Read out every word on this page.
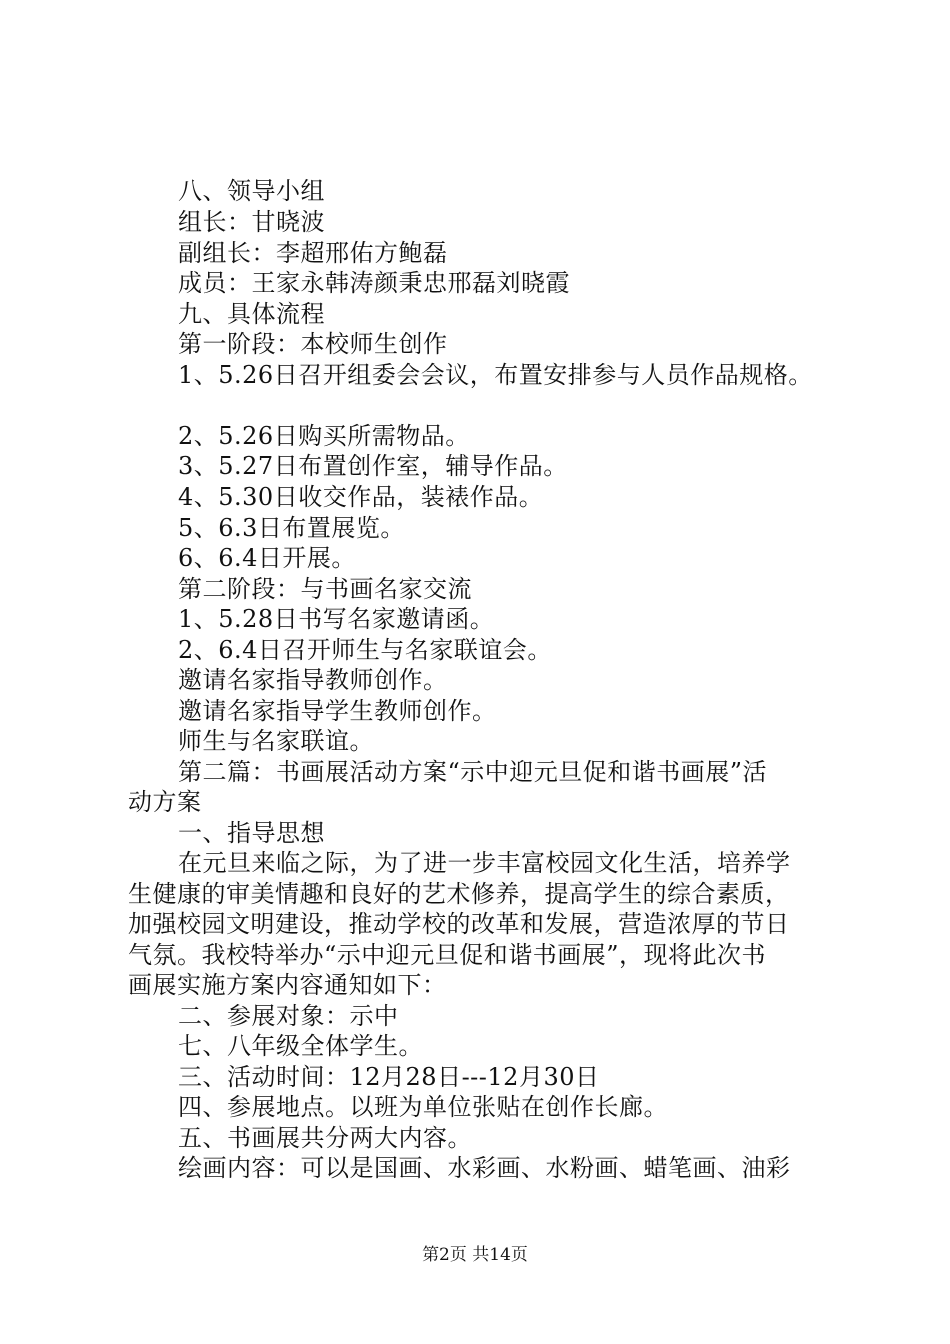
八、领导小组
组长：甘晓波
副组长：李超邢佑方鲍磊
成员：王家永韩涛颜秉忠邢磊刘晓霞
九、具体流程
第一阶段：本校师生创作
1、5.26日召开组委会会议，布置安排参与人员作品规格。
2、5.26日购买所需物品。
3、5.27日布置创作室，辅导作品。
4、5.30日收交作品，装裱作品。
5、6.3日布置展览。
6、6.4日开展。
第二阶段：与书画名家交流
1、5.28日书写名家邀请函。
2、6.4日召开师生与名家联谊会。
邀请名家指导教师创作。
邀请名家指导学生教师创作。
师生与名家联谊。
第二篇：书画展活动方案“示中迎元旦促和谐书画展”活
动方案
一、指导思想
在元旦来临之际，为了进一步丰富校园文化生活，培养学
生健康的审美情趣和良好的艺术修养，提高学生的综合素质，
加强校园文明建设，推动学校的改革和发展，营造浓厚的节日
气氛。我校特举办“示中迎元旦促和谐书画展”，现将此次书
画展实施方案内容通知如下：
二、参展对象：示中
七、八年级全体学生。
三、活动时间：12月28日---12月30日
四、参展地点。以班为单位张贴在创作长廊。
五、书画展共分两大内容。
绘画内容：可以是国画、水彩画、水粉画、蜡笔画、油彩
第2页 共14页
